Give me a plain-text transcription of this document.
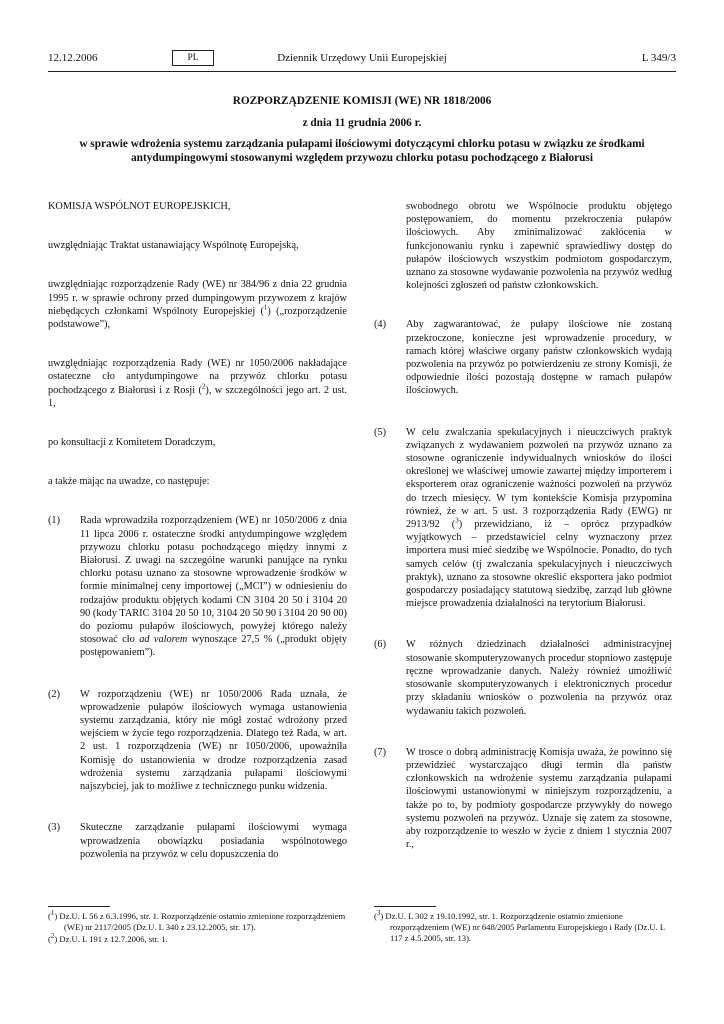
12.12.2006	Dziennik Urzędowy Unii Europejskiej
PL	L 349/3

ROZPORZĄDZENIE KOMISJI (WE) NR 1818/2006

z dnia 11 grudnia 2006 r.

w sprawie wdrożenia systemu zarządzania pułapami ilościowymi dotyczącymi chlorku potasu w związku ze środkami antydumpingowymi stosowanymi względem przywozu chlorku potasu pochodzącego z Białorusi

KOMISJA WSPÓLNOT EUROPEJSKICH,

uwzględniając Traktat ustanawiający Wspólnotę Europejską,

uwzględniając rozporządzenie Rady (WE) nr 384/96 z dnia 22 grudnia 1995 r. w sprawie ochrony przed dumpingowym przywozem z krajów niebędących członkami Wspólnoty Europejskiej ($^1$) („rozporządzenie podstawowe”),

uwzględniając rozporządzenia Rady (WE) nr 1050/2006 nakładające ostateczne cło antydumpingowe na przywóz chlorku potasu pochodzącego z Białorusi i z Rosji ($^2$), w szczególności jego art. 2 ust. 1,

po konsultacji z Komitetem Doradczym,

a także mając na uwadze, co następuje:

(1) Rada wprowadziła rozporządzeniem (WE) nr 1050/2006 z dnia 11 lipca 2006 r. ostateczne środki antydumpingowe względem przywozu chlorku potasu pochodzącego między innymi z Białorusi. Z uwagi na szczególne warunki panujące na rynku chlorku potasu uznano za stosowne wprowadzenie środków w formie minimalnej ceny importowej („MCI”) w odniesieniu do rodzajów produktu objętych kodami CN 3104 20 50 i 3104 20 90 (kody TARIC 3104 20 50 10, 3104 20 50 90 i 3104 20 90 00) do poziomu pułapów ilościowych, powyżej którego należy stosować cło ad valorem wynoszące 27,5 % („produkt objęty postępowaniem”).
(2) W rozporządzeniu (WE) nr 1050/2006 Rada uznała, że wprowadzenie pułapów ilościowych wymaga ustanowienia systemu zarządzania, który nie mógł zostać wdrożony przed wejściem w życie tego rozporządzenia. Dlatego też Rada, w art. 2 ust. 1 rozporządzenia (WE) nr 1050/2006, upoważniła Komisję do ustanowienia w drodze rozporządzenia zasad wdrożenia systemu zarządzania pułapami ilościowymi najszybciej, jak to możliwe z technicznego punku widzenia.
(3) Skuteczne zarządzanie pułapami ilościowymi wymaga wprowadzenia obowiązku posiadania wspólnotowego pozwolenia na przywóz w celu dopuszczenia do
swobodnego obrotu we Wspólnocie produktu objętego postępowaniem, do momentu przekroczenia pułapów ilościowych. Aby zminimalizować zakłócenia w funkcjonowaniu rynku i zapewnić sprawiedliwy dostęp do pułapów ilościowych wszystkim podmiotom gospodarczym, uznano za stosowne wydawanie pozwolenia na przywóz według kolejności zgłoszeń od państw członkowskich.
(4) Aby zagwarantować, że pułapy ilościowe nie zostaną przekroczone, konieczne jest wprowadzenie procedury, w ramach której właściwe organy państw członkowskich wydają pozwolenia na przywóz po potwierdzeniu ze strony Komisji, że odpowiednie ilości pozostają dostępne w ramach pułapów ilościowych.
(5) W celu zwalczania spekulacyjnych i nieuczciwych praktyk związanych z wydawaniem pozwoleń na przywóz uznano za stosowne ograniczenie indywidualnych wniosków do ilości określonej we właściwej umowie zawartej między importerem i eksporterem oraz ograniczenie ważności pozwoleń na przywóz do trzech miesięcy. W tym kontekście Komisja przypomina również, że w art. 5 ust. 3 rozporządzenia Rady (EWG) nr 2913/92 ($^3$) przewidziano, iż – oprócz przypadków wyjątkowych – przedstawiciel celny wyznaczony przez importera musi mieć siedzibę we Wspólnocie. Ponadto, do tych samych celów (tj zwalczania spekulacyjnych i nieuczciwych praktyk), uznano za stosowne określić eksportera jako podmiot gospodarczy posiadający statutową siedzibę, zarząd lub główne miejsce prowadzenia działalności na terytorium Białorusi.
(6) W różnych dziedzinach działalności administracyjnej stosowanie skomputeryzowanych procedur stopniowo zastępuje ręczne wprowadzanie danych. Należy również umożliwić stosowanie skomputeryzowanych i elektronicznych procedur przy składaniu wniosków o pozwolenia na przywóz oraz wydawaniu takich pozwoleń.
(7) W trosce o dobrą administrację Komisja uważa, że powinno się przewidzieć wystarczająco długi termin dla państw członkowskich na wdrożenie systemu zarządzania pułapami ilościowymi ustanowionymi w niniejszym rozporządzeniu, a także po to, by podmioty gospodarcze przywykły do nowego systemu pozwoleń na przywóz. Uznaje się zatem za stosowne, aby rozporządzenie to weszło w życie z dniem 1 stycznia 2007 r.,

($^1$) Dz.U. L 56 z 6.3.1996, str. 1. Rozporządzenie ostatnio zmienione rozporządzeniem (WE) nr 2117/2005 (Dz.U. L 340 z 23.12.2005, str. 17).

($^2$) Dz.U. L 191 z 12.7.2006, str. 1.

($^3$) Dz.U. L 302 z 19.10.1992, str. 1. Rozporządzenie ostatnio zmienione rozporządzeniem (WE) nr 648/2005 Parlamentu Europejskiego i Rady (Dz.U. L 117 z 4.5.2005, str. 13).
